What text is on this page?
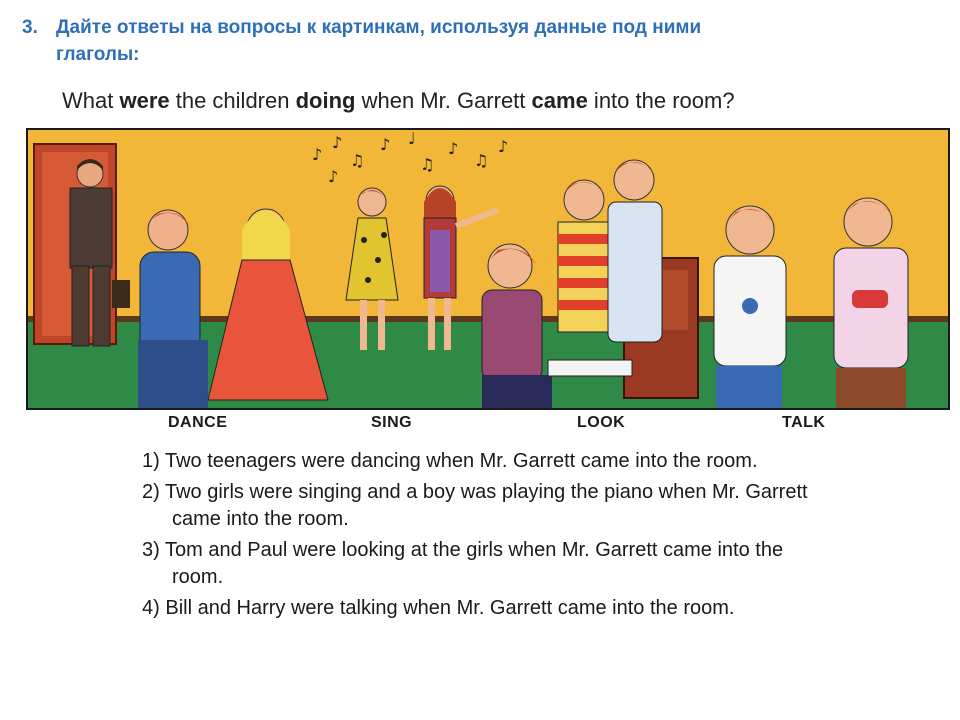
3. Дайте ответы на вопросы к картинкам, используя данные под ними
глаголы:
What were the children doing when Mr. Garrett came into the room?
♪
♪
♫
♪ ♩
♫
♪
♫
♪
♪
DANCE	SING	LOOK	TALK
1) Two teenagers were dancing when Mr. Garrett came into the room.
2) Two girls were singing and a boy was playing the piano when Mr. Garrett
came into the room.
3) Tom and Paul were looking at the girls when Mr. Garrett came into the
room.
4) Bill and Harry were talking when Mr. Garrett came into the room.
